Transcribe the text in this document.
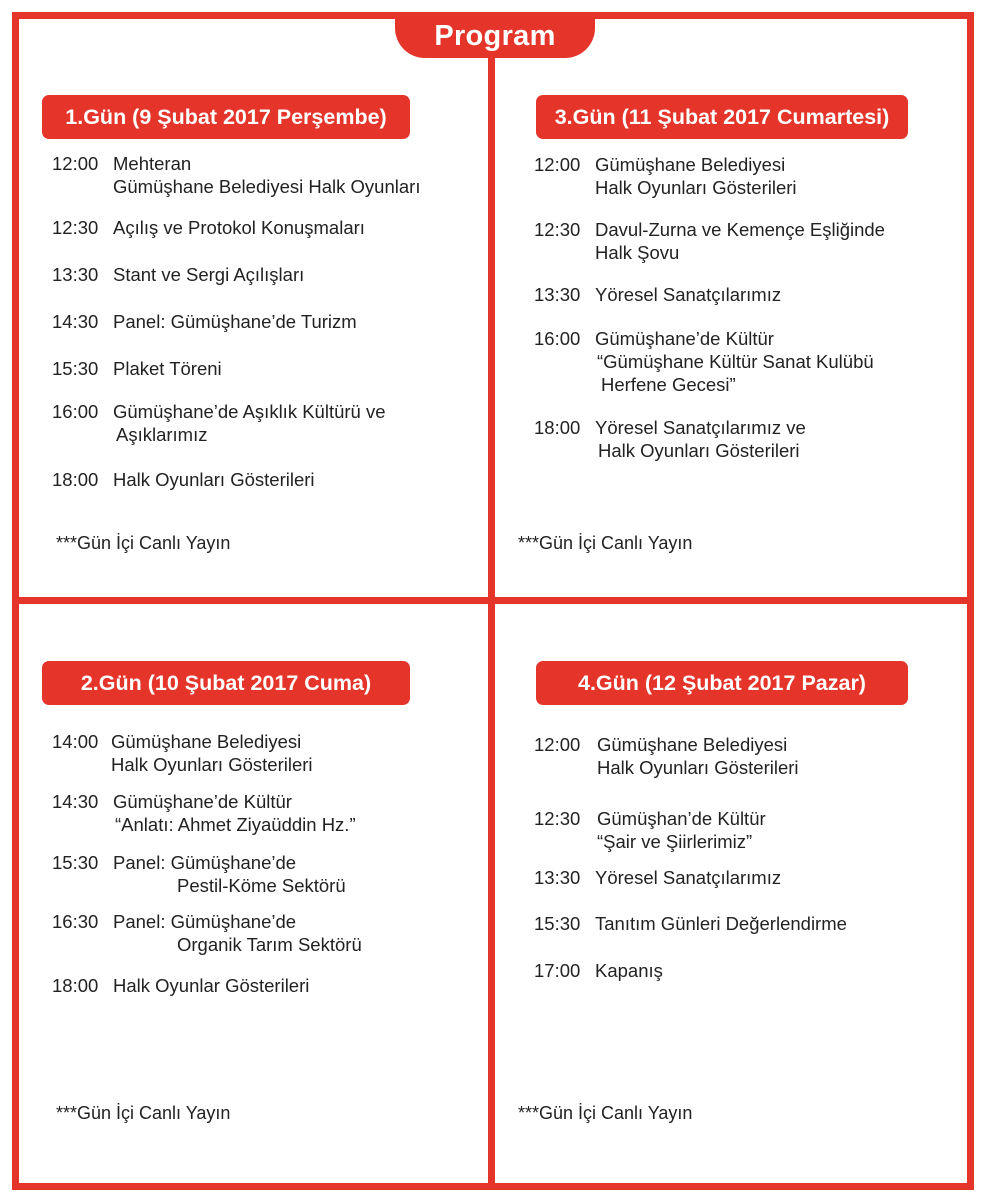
Program
1.Gün (9 Şubat 2017 Perşembe)
12:00 Mehteran
Gümüşhane Belediyesi Halk Oyunları
12:30 Açılış ve Protokol Konuşmaları
13:30 Stant ve Sergi Açılışları
14:30 Panel: Gümüşhane’de Turizm
15:30 Plaket Töreni
16:00 Gümüşhane’de Aşıklık Kültürü ve
Aşıklarımız
18:00 Halk Oyunları Gösterileri
***Gün İçi Canlı Yayın
3.Gün (11 Şubat 2017 Cumartesi)
12:00 Gümüşhane Belediyesi
Halk Oyunları Gösterileri
12:30 Davul-Zurna ve Kemençe Eşliğinde
Halk Şovu
13:30 Yöresel Sanatçılarımız
16:00 Gümüşhane’de Kültür
“Gümüşhane Kültür Sanat Kulübü
Herfene Gecesi”
18:00 Yöresel Sanatçılarımız ve
Halk Oyunları Gösterileri
***Gün İçi Canlı Yayın
2.Gün (10 Şubat 2017 Cuma)
14:00 Gümüşhane Belediyesi
Halk Oyunları Gösterileri
14:30 Gümüşhane’de Kültür
“Anlatı: Ahmet Ziyaüddin Hz.”
15:30 Panel: Gümüşhane’de
Pestil-Köme Sektörü
16:30 Panel: Gümüşhane’de
Organik Tarım Sektörü
18:00 Halk Oyunlar Gösterileri
***Gün İçi Canlı Yayın
4.Gün (12 Şubat 2017 Pazar)
12:00 Gümüşhane Belediyesi
Halk Oyunları Gösterileri
12:30 Gümüşhan’de Kültür
“Şair ve Şiirlerimiz”
13:30 Yöresel Sanatçılarımız
15:30 Tanıtım Günleri Değerlendirme
17:00 Kapanış
***Gün İçi Canlı Yayın
